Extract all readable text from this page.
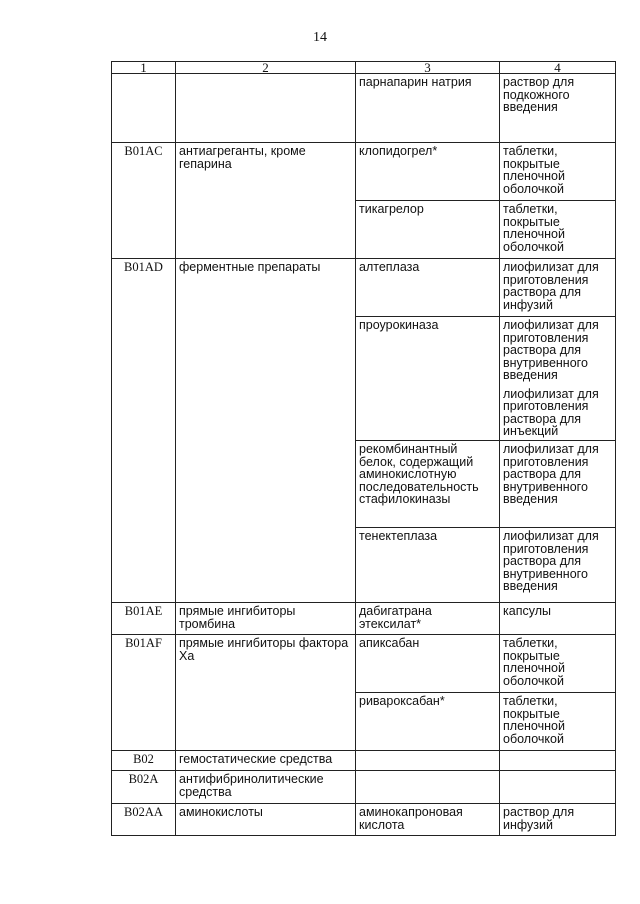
14
1	2	3	4
		парнапарин натрия	раствор для подкожного введения

B01AC	антиагреганты, кроме гепарина	клопидогрел*	таблетки, покрытые пленочной оболочкой

		тикагрелор	таблетки, покрытые пленочной оболочкой

B01AD	ферментные препараты	алтеплаза	лиофилизат для приготовления раствора для инфузий

		проурокиназа	лиофилизат для приготовления раствора для внутривенного введения
лиофилизат для приготовления раствора для инъекций

		рекомбинантный белок, содержащий аминокислотную последовательность стафилокиназы	лиофилизат для приготовления раствора для внутривенного введения

		тенектеплаза	лиофилизат для приготовления раствора для внутривенного введения

B01AE	прямые ингибиторы тромбина	дабигатрана этексилат*	капсулы

B01AF	прямые ингибиторы фактора Ха	апиксабан	таблетки, покрытые пленочной оболочкой

		ривароксабан*	таблетки, покрытые пленочной оболочкой

B02	гемостатические средства		

B02A	антифибринолитические средства		

B02AA	аминокислоты	аминокапроновая кислота	раствор для инфузий
